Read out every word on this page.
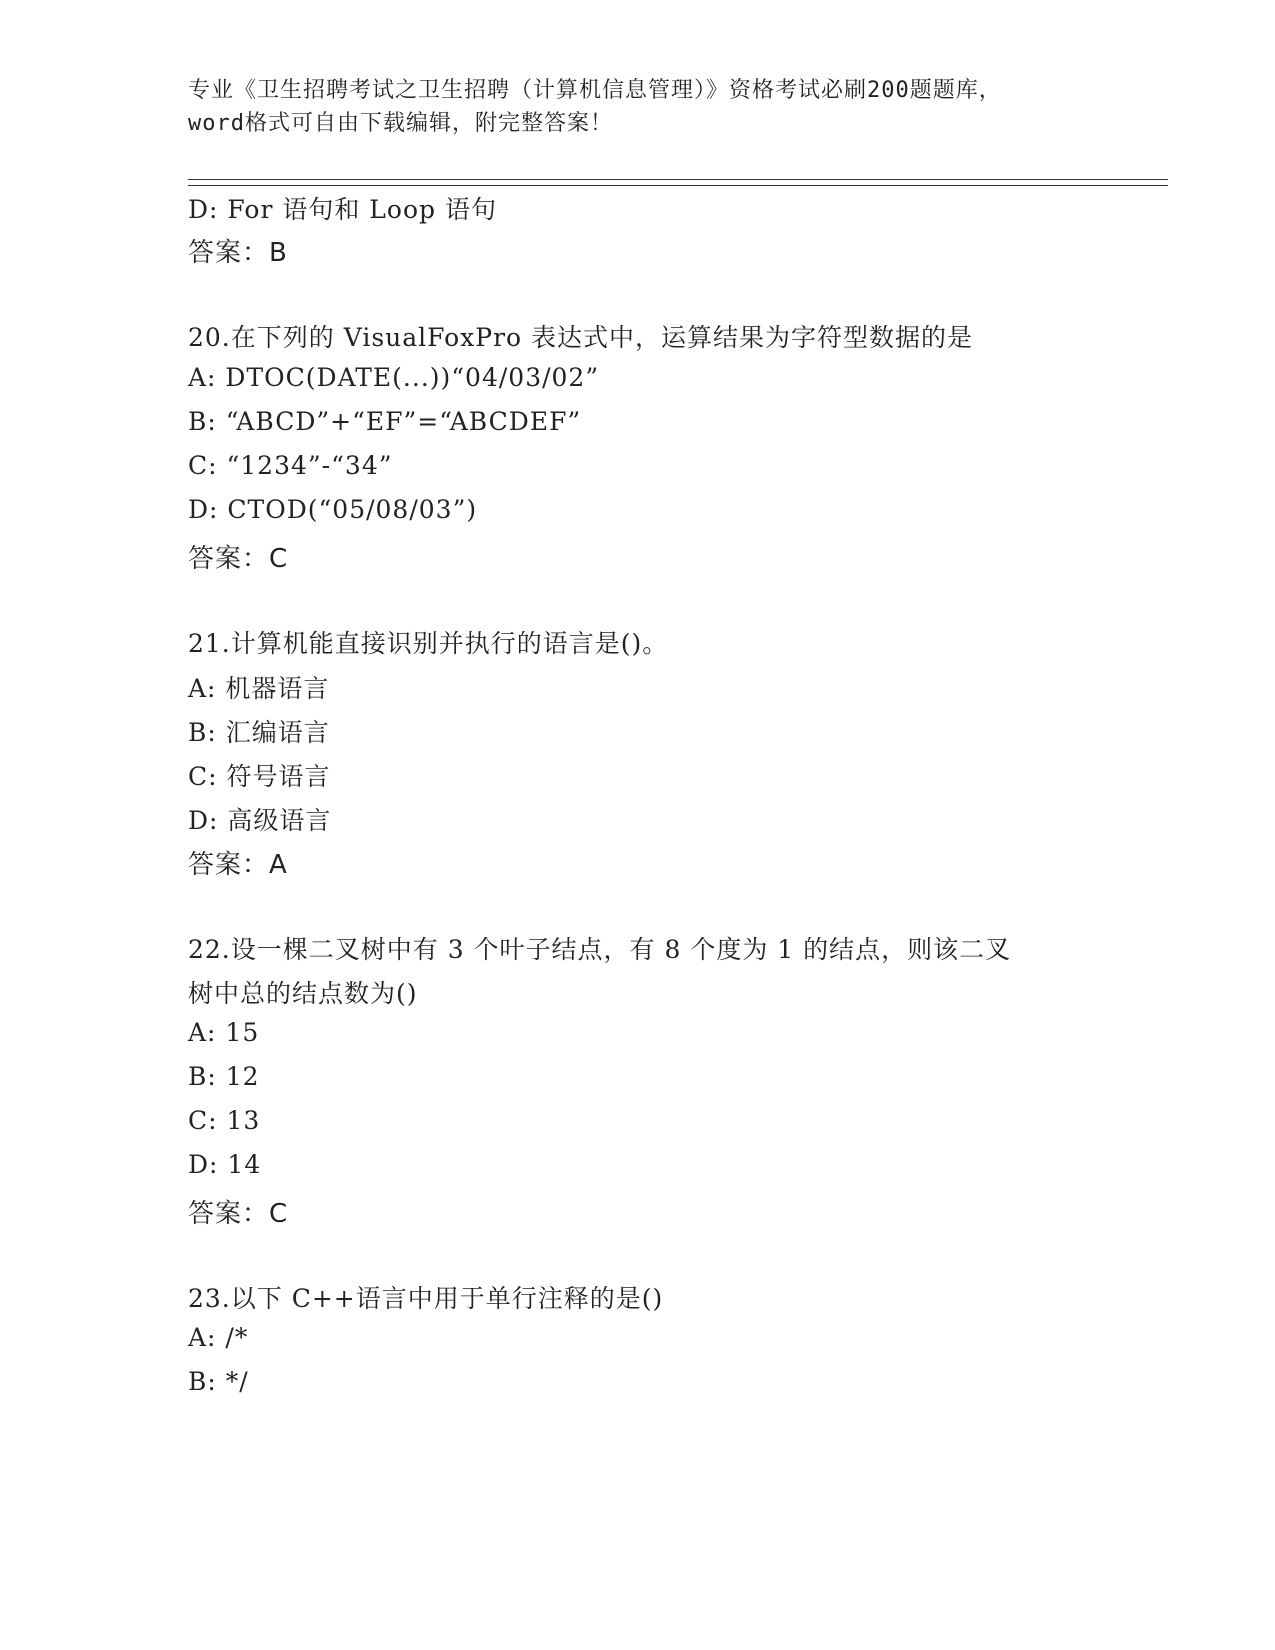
专业《卫生招聘考试之卫生招聘（计算机信息管理）》资格考试必刷200题题库，
word格式可自由下载编辑，附完整答案！
D: For 语句和 Loop 语句
答案：B
20.在下列的 VisualFoxPro 表达式中，运算结果为字符型数据的是
A: DTOC(DATE(...))“04/03/02”
B: “ABCD”+“EF”=“ABCDEF”
C: “1234”-“34”
D: CTOD(“05/08/03”)
答案：C
21.计算机能直接识别并执行的语言是()。
A: 机器语言
B: 汇编语言
C: 符号语言
D: 高级语言
答案：A
22.设一棵二叉树中有 3 个叶子结点，有 8 个度为 1 的结点，则该二叉
树中总的结点数为()
A: 15
B: 12
C: 13
D: 14
答案：C
23.以下 C++语言中用于单行注释的是()
A: /*
B: */
